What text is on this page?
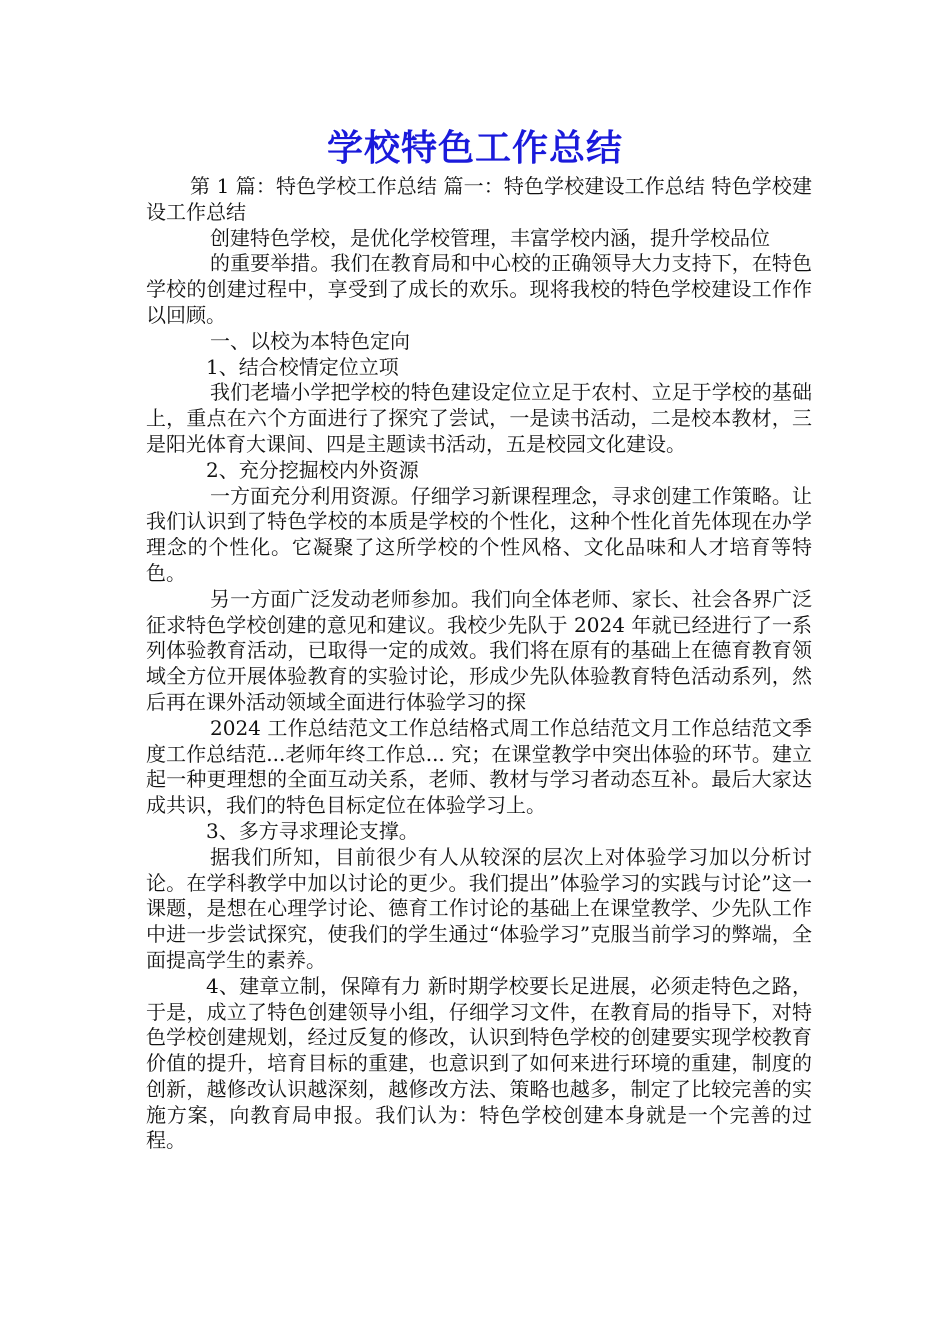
学校特色工作总结

第 1 篇：特色学校工作总结 篇一：特色学校建设工作总结 特色学校建设工作总结

创建特色学校，是优化学校管理，丰富学校内涵，提升学校品位

的重要举措。我们在教育局和中心校的正确领导大力支持下，在特色学校的创建过程中，享受到了成长的欢乐。现将我校的特色学校建设工作作以回顾。

一、以校为本特色定向

1、结合校情定位立项

我们老墙小学把学校的特色建设定位立足于农村、立足于学校的基础上，重点在六个方面进行了探究了尝试，一是读书活动，二是校本教材，三是阳光体育大课间、四是主题读书活动，五是校园文化建设。

2、充分挖掘校内外资源

一方面充分利用资源。仔细学习新课程理念，寻求创建工作策略。让我们认识到了特色学校的本质是学校的个性化，这种个性化首先体现在办学理念的个性化。它凝聚了这所学校的个性风格、文化品味和人才培育等特色。

另一方面广泛发动老师参加。我们向全体老师、家长、社会各界广泛征求特色学校创建的意见和建议。我校少先队于 2024 年就已经进行了一系列体验教育活动，已取得一定的成效。我们将在原有的基础上在德育教育领域全方位开展体验教育的实验讨论，形成少先队体验教育特色活动系列，然后再在课外活动领域全面进行体验学习的探

2024 工作总结范文工作总结格式周工作总结范文月工作总结范文季度工作总结范...老师年终工作总... 究；在课堂教学中突出体验的环节。建立起一种更理想的全面互动关系，老师、教材与学习者动态互补。最后大家达成共识，我们的特色目标定位在体验学习上。

3、多方寻求理论支撑。

据我们所知，目前很少有人从较深的层次上对体验学习加以分析讨论。在学科教学中加以讨论的更少。我们提出”体验学习的实践与讨论”这一课题，是想在心理学讨论、德育工作讨论的基础上在课堂教学、少先队工作中进一步尝试探究，使我们的学生通过“体验学习”克服当前学习的弊端，全面提高学生的素养。

4、建章立制，保障有力 新时期学校要长足进展，必须走特色之路，于是，成立了特色创建领导小组，仔细学习文件，在教育局的指导下，对特色学校创建规划，经过反复的修改，认识到特色学校的创建要实现学校教育价值的提升，培育目标的重建，也意识到了如何来进行环境的重建，制度的创新，越修改认识越深刻，越修改方法、策略也越多，制定了比较完善的实施方案，向教育局申报。我们认为：特色学校创建本身就是一个完善的过程。
